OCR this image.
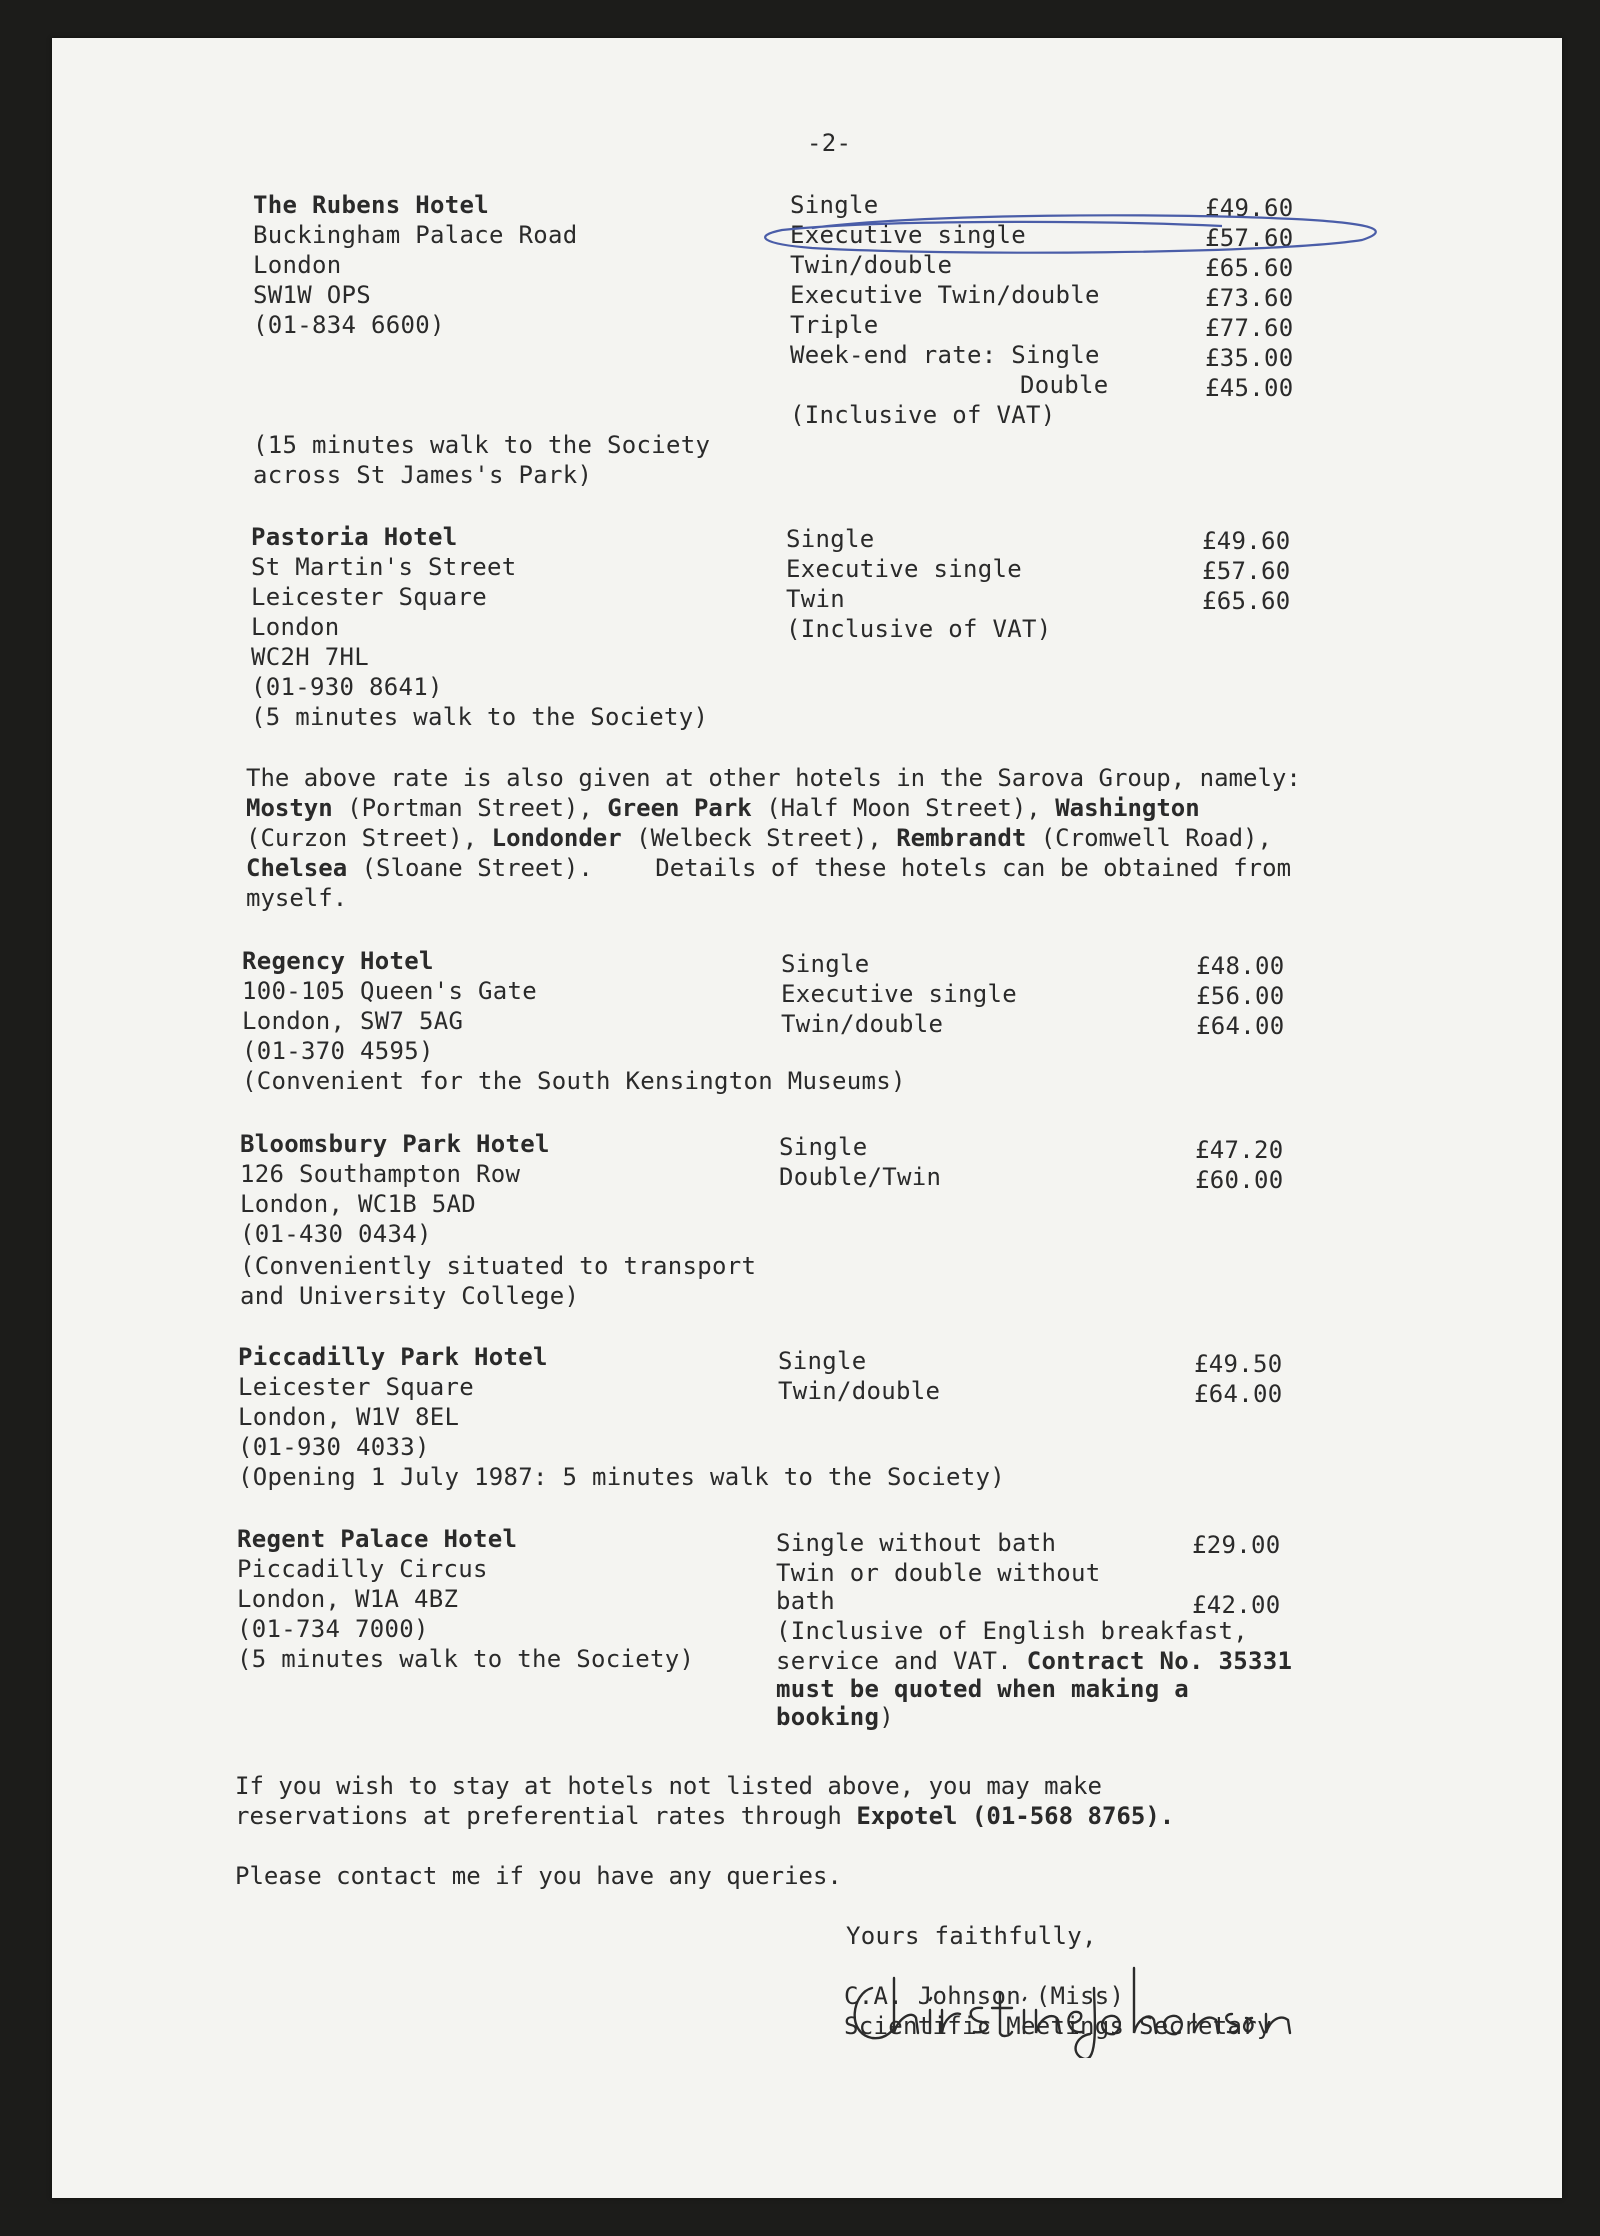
-2-
The Rubens Hotel
Buckingham Palace Road
London
SW1W OPS
(01-834 6600)
(15 minutes walk to the Society
across St James's Park)
Single	£49.60
Executive single	£57.60
Twin/double	£65.60
Executive Twin/double	£73.60
Triple	£77.60
Week-end rate: Single	£35.00
Double	£45.00
(Inclusive of VAT)
Pastoria Hotel
St Martin's Street
Leicester Square
London
WC2H 7HL
(01-930 8641)
(5 minutes walk to the Society)
Single	£49.60
Executive single	£57.60
Twin	£65.60
(Inclusive of VAT)
The above rate is also given at other hotels in the Sarova Group, namely:
Mostyn (Portman Street), Green Park (Half Moon Street), Washington
(Curzon Street), Londonder (Welbeck Street), Rembrandt (Cromwell Road),
Chelsea (Sloane Street).	Details of these hotels can be obtained from
myself.
Regency Hotel
100-105 Queen's Gate
London, SW7 5AG
(01-370 4595)
(Convenient for the South Kensington Museums)
Single	£48.00
Executive single	£56.00
Twin/double	£64.00
Bloomsbury Park Hotel
126 Southampton Row
London, WC1B 5AD
(01-430 0434)
(Conveniently situated to transport
and University College)
Single	£47.20
Double/Twin	£60.00
Piccadilly Park Hotel
Leicester Square
London, W1V 8EL
(01-930 4033)
(Opening 1 July 1987: 5 minutes walk to the Society)
Single	£49.50
Twin/double	£64.00
Regent Palace Hotel
Piccadilly Circus
London, W1A 4BZ
(01-734 7000)
(5 minutes walk to the Society)
Single without bath	£29.00
Twin or double without
bath	£42.00
(Inclusive of English breakfast,
service and VAT. Contract No. 35331
must be quoted when making a
booking)
If you wish to stay at hotels not listed above, you may make
reservations at preferential rates through Expotel (01-568 8765).
Please contact me if you have any queries.
Yours faithfully,
C.A. Johnson (Miss)
Scientific Meetings Secretary
